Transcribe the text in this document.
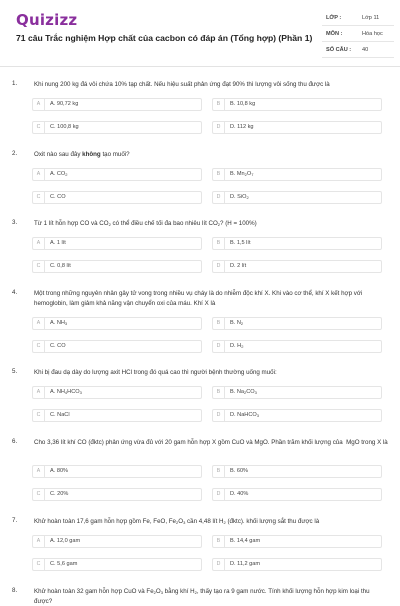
Quizizz
71 câu Trắc nghiệm Hợp chất của cacbon có đáp án (Tổng hợp) (Phần 1)
LỚP :	Lớp 11
MÔN :	Hóa học
SỐ CÂU : 40
1.	Khi nung 200 kg đá vôi chứa 10% tạp chất. Nếu hiệu suất phản ứng đạt 90% thì lượng vôi sống thu được là
A	A. 90,72 kg	B	B. 10,8 kg
C	C. 100,8 kg	D	D. 112 kg
2.	Oxit nào sau đây không tạo muối?
A	A. $CO_2$	B	B. $Mn_2O_7$
C	C. CO	D	D. SiO$_2$
3.	Từ 1 lít hỗn hợp CO và $CO_2$ có thể điều chế tối đa bao nhiêu lít $CO_2$? (H = 100%)
A	A. 1 lít	B	B. 1,5 lít
C	C. 0,8 lít	D	D. 2 lít
4.	Một trong những nguyên nhân gây tử vong trong nhiều vụ cháy là do nhiễm độc khí X. Khi vào cơ thể, khí X kết hợp với hemoglobin, làm giảm khả năng vận chuyển oxi của máu. Khí X là
A	A. $NH_3$	B	B. $N_2$
C	C. CO	D	D. $H_2$
5.	Khi bị đau dạ dày do lượng axit HCl trong đó quá cao thì người bệnh thường uống muối:
A	A. $NH_4HCO_3$	B	B. $Na_2CO_3$
C	C. NaCl	D	D. NaHCO$_3$
6.	Cho 3,36 lít khí CO (đktc) phản ứng vừa đủ với 20 gam hỗn hợp X gồm CuO và MgO. Phần trăm khối lượng của  MgO trong X là
A	A. 80%	B	B. 60%
C	C. 20%	D	D. 40%
7.	Khử hoàn toàn 17,6 gam hỗn hợp gồm Fe, FeO, $Fe_2O_3$ cần 4,48 lít $H_2$ (đktc). khối lượng sắt thu được là
A	A. 12,0 gam	B	B. 14,4 gam
C	C. 5,6 gam	D	D. 11,2 gam
8.	Khử hoàn toàn 32 gam hỗn hợp CuO và $Fe_2O_3$ bằng khí $H_2$, thấy tạo ra 9 gam nước. Tính khối lượng hỗn hợp kim loại thu được?
